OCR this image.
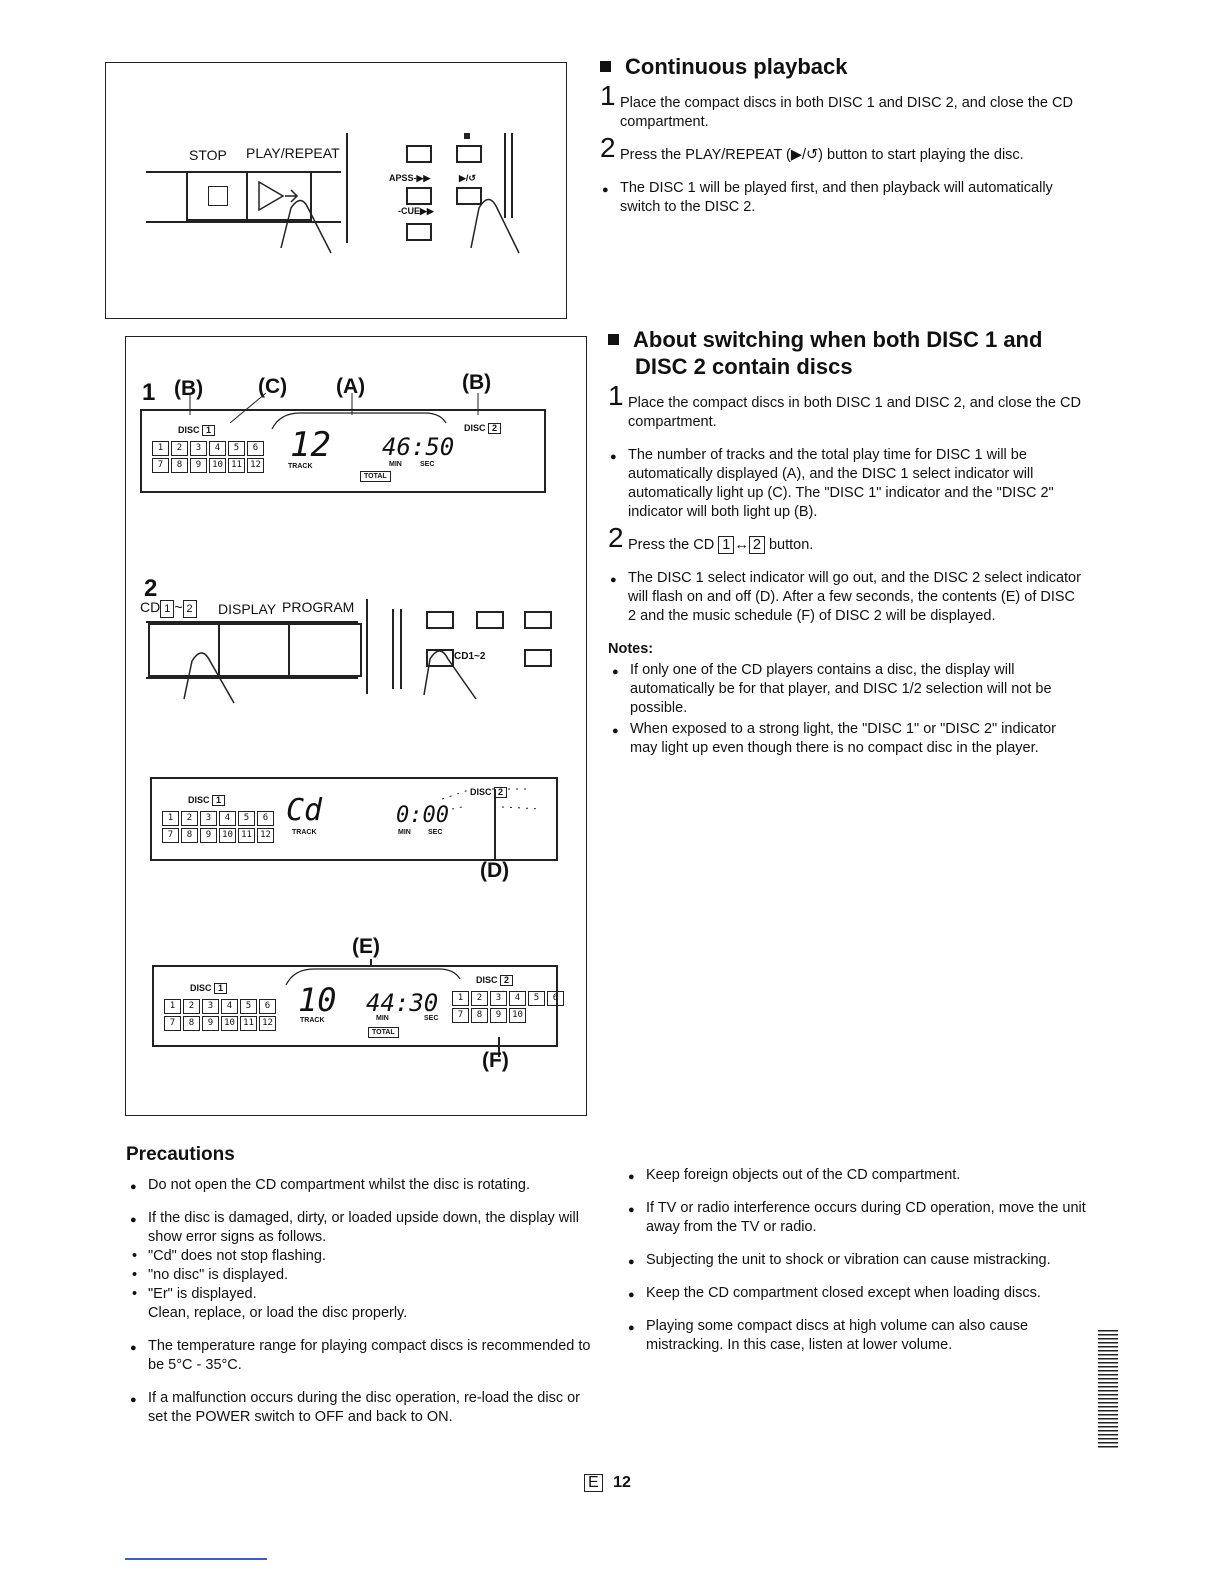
STOP PLAY/REPEAT
APSS-▶▶	▶/↺
-CUE▶▶
1 (B)	(C) (A)	(B)
DISC 1
1	2	3	4	5	6
7	8	9	10 11 12 12
TRACK
46:50
MIN	SEC
TOTAL
DISC 2
2
CD 1 ~ 2 DISPLAY PROGRAM
CD1~2
DISC 1
1	2	3	4	5	6
7	8	9	10 11 12
Cd
TRACK
0:00
MIN SEC
DISC 2
(D)
(E)
DISC 1
1	2	3	4	5	6
7	8	9	10 11 12
10
TRACK
44:30
MIN	SEC
TOTAL
DISC 2
1	2	3	4	5	6
7	8	9	10
(F)
Continuous playback
1 Place the compact discs in both DISC 1 and DISC 2, and close the CD compartment.
2 Press the PLAY/REPEAT (▶/↺) button to start playing the disc.
● The DISC 1 will be played first, and then playback will automatically switch to the DISC 2.
About switching when both DISC 1 and
DISC 2 contain discs
1 Place the compact discs in both DISC 1 and DISC 2, and close the CD compartment.
● The number of tracks and the total play time for DISC 1 will be automatically displayed (A), and the DISC 1 select indicator will automatically light up (C). The "DISC 1" indicator and the "DISC 2" indicator will both light up (B).
2 Press the CD 1 ↔ 2 button.
● The DISC 1 select indicator will go out, and the DISC 2 select indicator will flash on and off (D). After a few seconds, the contents (E) of DISC 2 and the music schedule (F) of DISC 2 will be displayed.
Notes:
● If only one of the CD players contains a disc, the display will automatically be for that player, and DISC 1/2 selection will not be possible.
● When exposed to a strong light, the "DISC 1" or "DISC 2" indicator may light up even though there is no compact disc in the player.
Precautions
● Do not open the CD compartment whilst the disc is rotating.
● If the disc is damaged, dirty, or loaded upside down, the display will show error signs as follows.
• "Cd" does not stop flashing.
• "no disc" is displayed.
• "Er" is displayed.
Clean, replace, or load the disc properly.
● The temperature range for playing compact discs is recommended to be 5°C - 35°C.
● If a malfunction occurs during the disc operation, re-load the disc or set the POWER switch to OFF and back to ON.
● Keep foreign objects out of the CD compartment.
● If TV or radio interference occurs during CD operation, move the unit away from the TV or radio.
● Subjecting the unit to shock or vibration can cause mistracking.
● Keep the CD compartment closed except when loading discs.
● Playing some compact discs at high volume can also cause mistracking. In this case, listen at lower volume.
E 12
